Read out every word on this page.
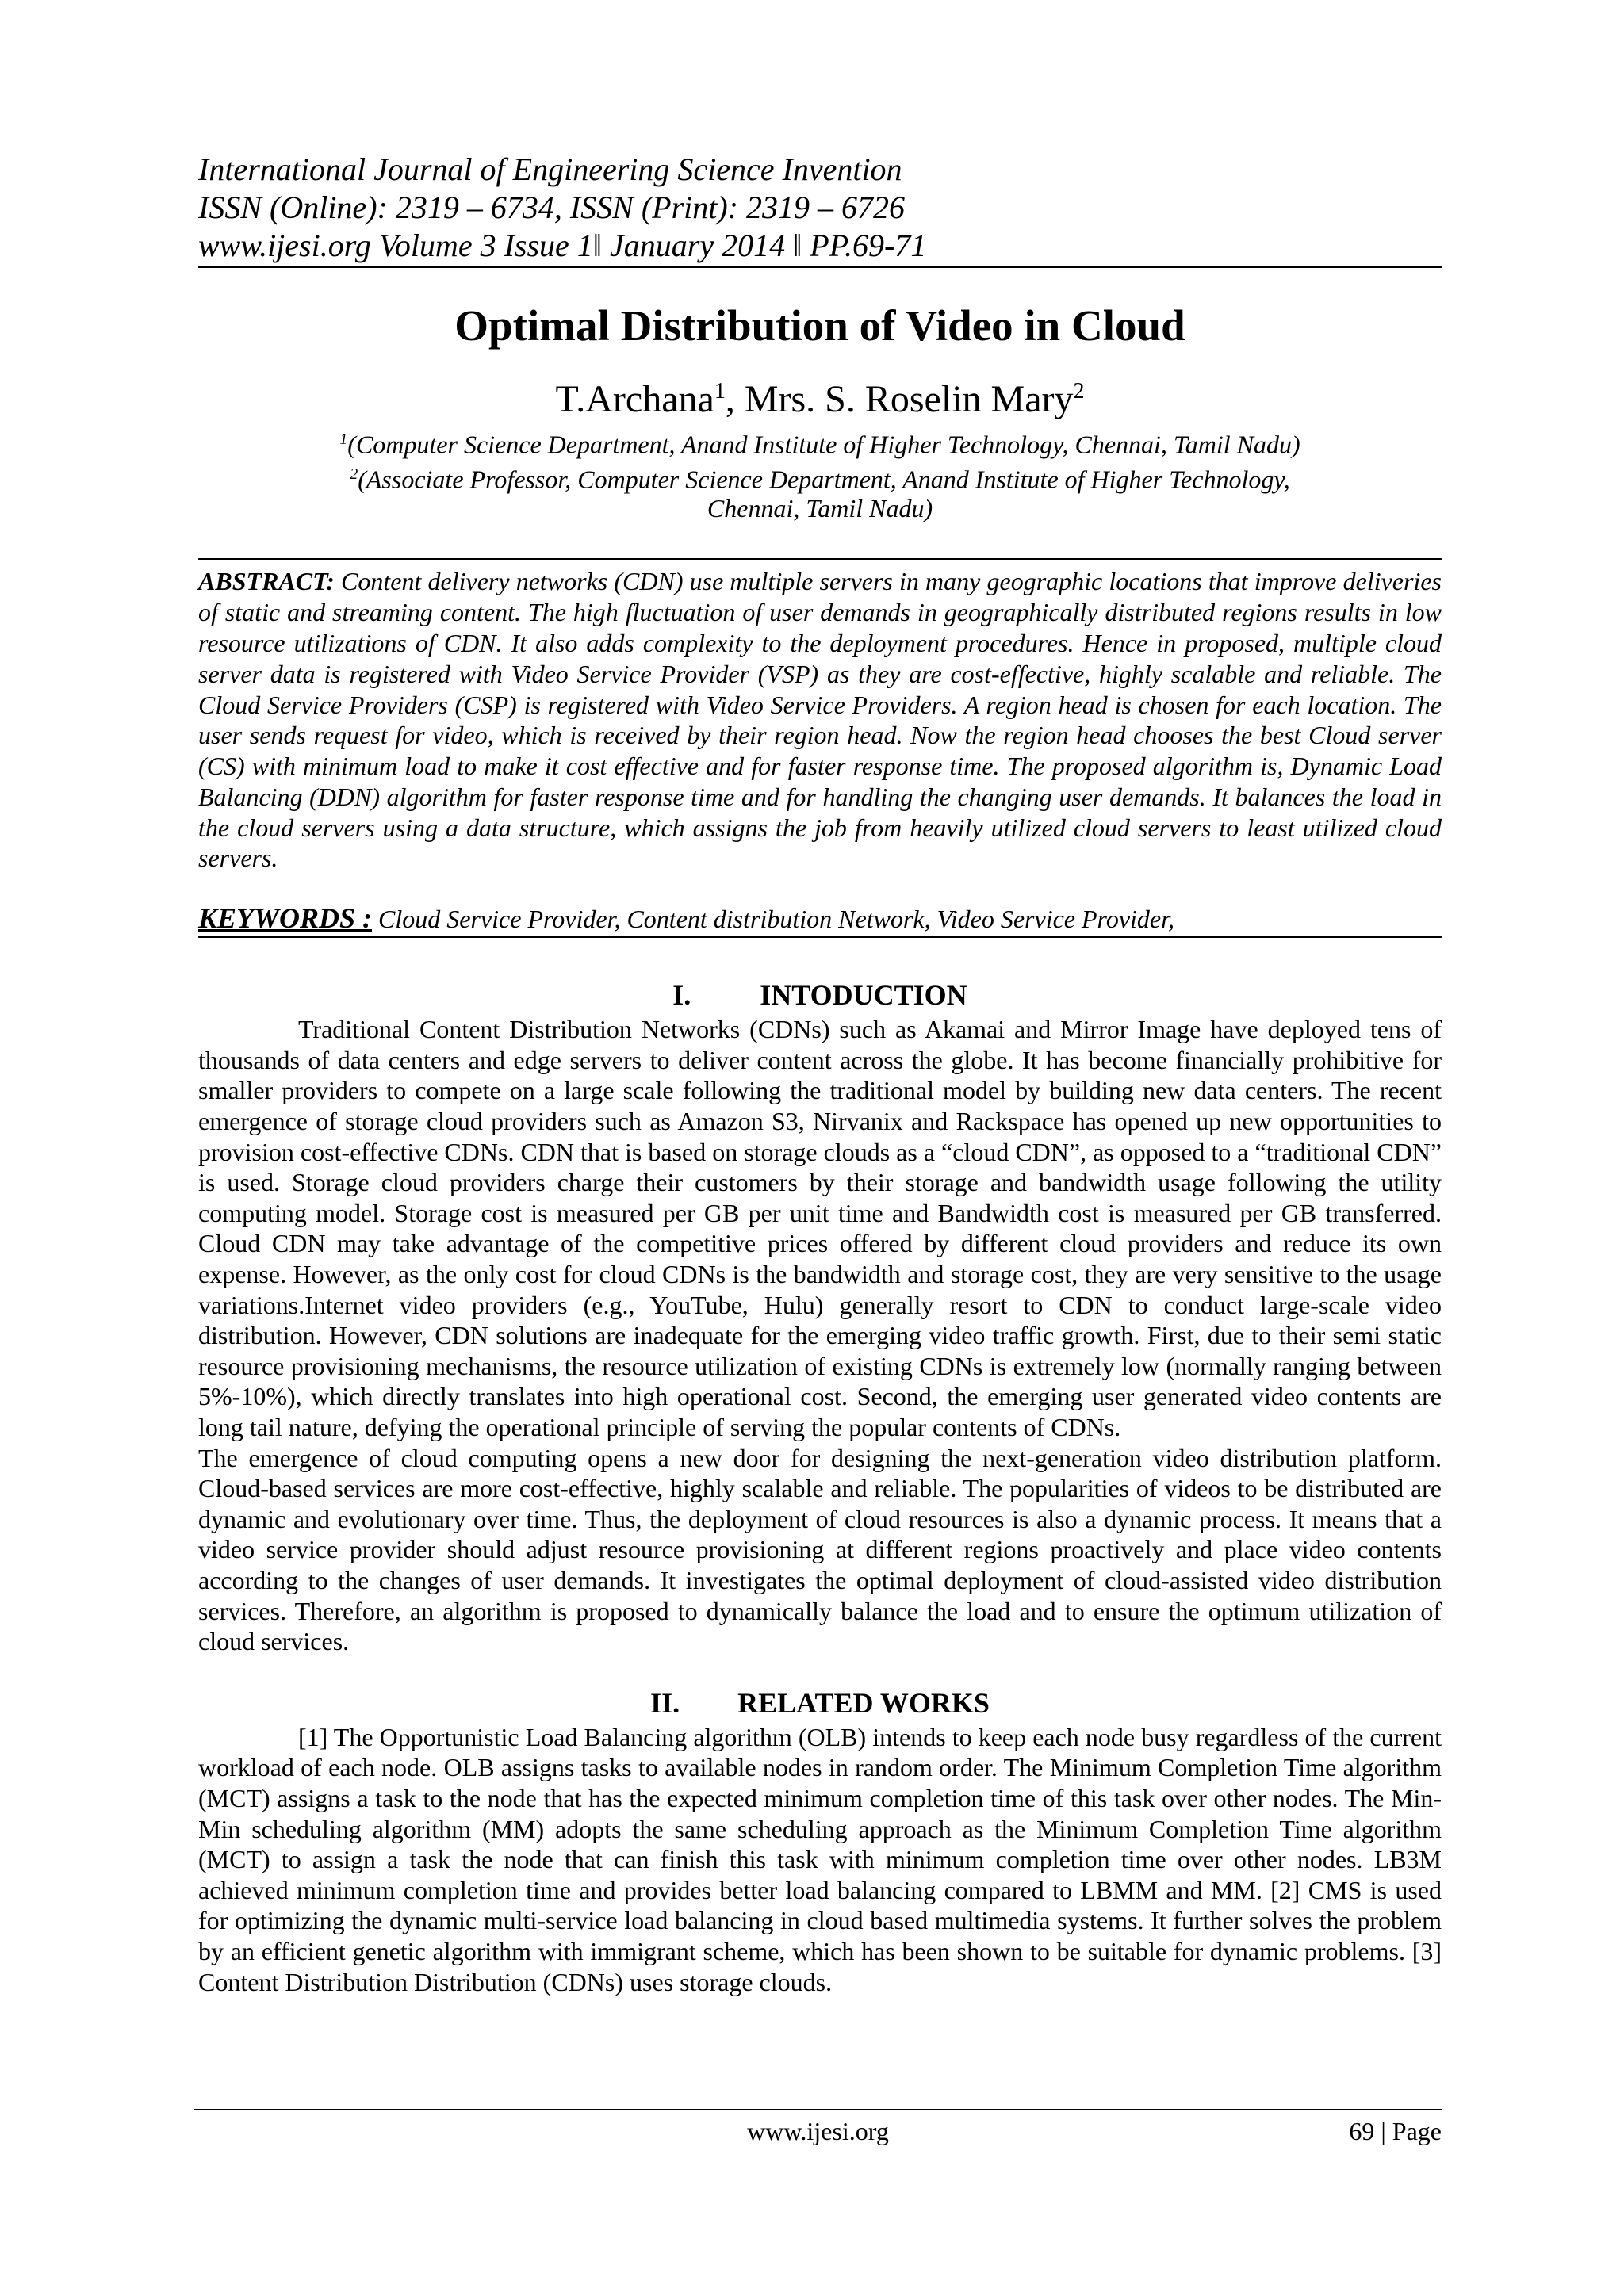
International Journal of Engineering Science Invention
ISSN (Online): 2319 – 6734, ISSN (Print): 2319 – 6726
www.ijesi.org Volume 3 Issue 1ǁ January 2014 ǁ PP.69-71
Optimal Distribution of Video in Cloud
T.Archana$^1$, Mrs. S. Roselin Mary$^2$
$^1$(Computer Science Department, Anand Institute of Higher Technology, Chennai, Tamil Nadu)
$^2$(Associate Professor, Computer Science Department, Anand Institute of Higher Technology,
Chennai, Tamil Nadu)

ABSTRACT: Content delivery networks (CDN) use multiple servers in many geographic locations that improve deliveries of static and streaming content. The high fluctuation of user demands in geographically distributed regions results in low resource utilizations of CDN. It also adds complexity to the deployment procedures. Hence in proposed, multiple cloud server data is registered with Video Service Provider (VSP) as they are cost-effective, highly scalable and reliable. The Cloud Service Providers (CSP) is registered with Video Service Providers. A region head is chosen for each location. The user sends request for video, which is received by their region head. Now the region head chooses the best Cloud server (CS) with minimum load to make it cost effective and for faster response time. The proposed algorithm is, Dynamic Load Balancing (DDN) algorithm for faster response time and for handling the changing user demands. It balances the load in the cloud servers using a data structure, which assigns the job from heavily utilized cloud servers to least utilized cloud servers.

KEYWORDS : Cloud Service Provider, Content distribution Network, Video Service Provider,

I. INTODUCTION

Traditional Content Distribution Networks (CDNs) such as Akamai and Mirror Image have deployed tens of thousands of data centers and edge servers to deliver content across the globe. It has become financially prohibitive for smaller providers to compete on a large scale following the traditional model by building new data centers. The recent emergence of storage cloud providers such as Amazon S3, Nirvanix and Rackspace has opened up new opportunities to provision cost-effective CDNs. CDN that is based on storage clouds as a “cloud CDN”, as opposed to a “traditional CDN” is used. Storage cloud providers charge their customers by their storage and bandwidth usage following the utility computing model. Storage cost is measured per GB per unit time and Bandwidth cost is measured per GB transferred. Cloud CDN may take advantage of the competitive prices offered by different cloud providers and reduce its own expense. However, as the only cost for cloud CDNs is the bandwidth and storage cost, they are very sensitive to the usage variations.Internet video providers (e.g., YouTube, Hulu) generally resort to CDN to conduct large-scale video distribution. However, CDN solutions are inadequate for the emerging video traffic growth. First, due to their semi static resource provisioning mechanisms, the resource utilization of existing CDNs is extremely low (normally ranging between 5%-10%), which directly translates into high operational cost. Second, the emerging user generated video contents are long tail nature, defying the operational principle of serving the popular contents of CDNs.

The emergence of cloud computing opens a new door for designing the next-generation video distribution platform. Cloud-based services are more cost-effective, highly scalable and reliable. The popularities of videos to be distributed are dynamic and evolutionary over time. Thus, the deployment of cloud resources is also a dynamic process. It means that a video service provider should adjust resource provisioning at different regions proactively and place video contents according to the changes of user demands. It investigates the optimal deployment of cloud-assisted video distribution services. Therefore, an algorithm is proposed to dynamically balance the load and to ensure the optimum utilization of cloud services.

II. RELATED WORKS

[1] The Opportunistic Load Balancing algorithm (OLB) intends to keep each node busy regardless of the current workload of each node. OLB assigns tasks to available nodes in random order. The Minimum Completion Time algorithm (MCT) assigns a task to the node that has the expected minimum completion time of this task over other nodes. The Min-Min scheduling algorithm (MM) adopts the same scheduling approach as the Minimum Completion Time algorithm (MCT) to assign a task the node that can finish this task with minimum completion time over other nodes. LB3M achieved minimum completion time and provides better load balancing compared to LBMM and MM. [2] CMS is used for optimizing the dynamic multi-service load balancing in cloud based multimedia systems. It further solves the problem by an efficient genetic algorithm with immigrant scheme, which has been shown to be suitable for dynamic problems. [3] Content Distribution Distribution (CDNs) uses storage clouds.

www.ijesi.org	69 | Page
